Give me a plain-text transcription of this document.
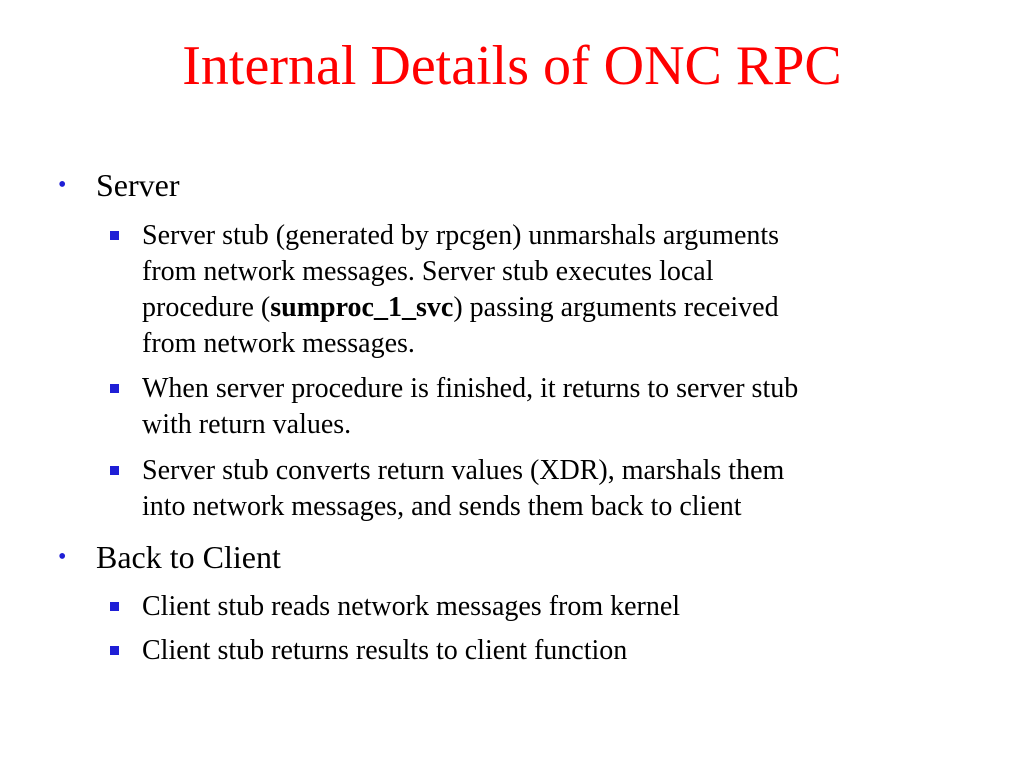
Internal Details of ONC RPC
• Server
Server stub (generated by rpcgen) unmarshals arguments
from network messages. Server stub executes local
procedure (sumproc_1_svc) passing arguments received
from network messages.
When server procedure is finished, it returns to server stub
with return values.
Server stub converts return values (XDR), marshals them
into network messages, and sends them back to client
• Back to Client
Client stub reads network messages from kernel
Client stub returns results to client function
